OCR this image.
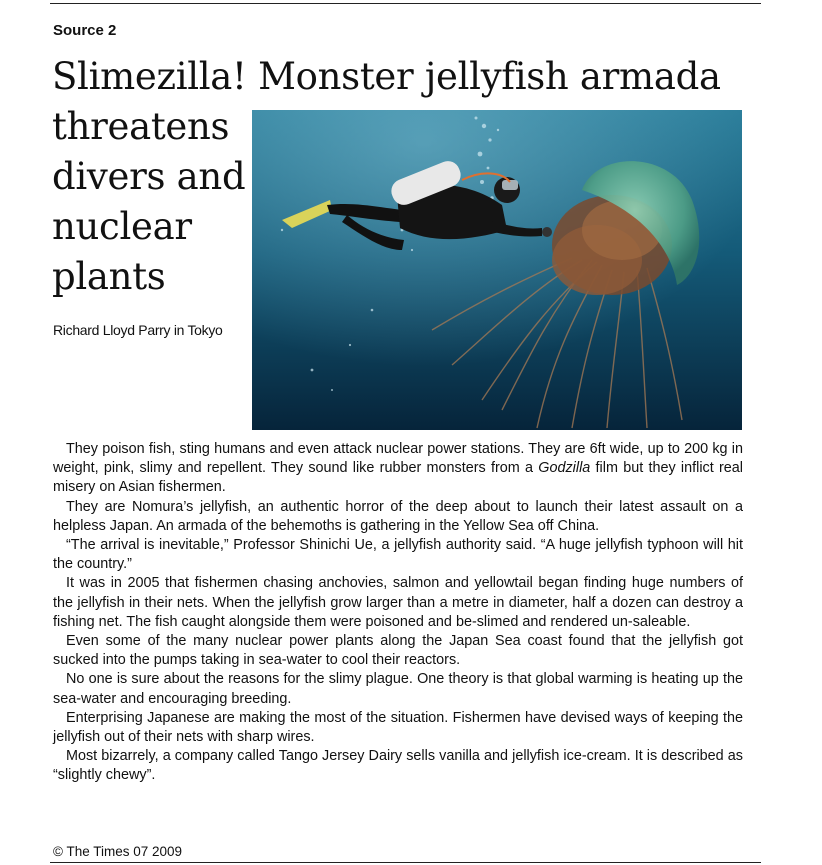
Source 2
Slimezilla! Monster jellyfish armada
threatens
divers and
nuclear
plants
Richard Lloyd Parry in Tokyo

They poison fish, sting humans and even attack nuclear power stations. They are 6ft wide, up to 200 kg in weight, pink, slimy and repellent. They sound like rubber monsters from a Godzilla film but they inflict real misery on Asian fishermen.

They are Nomura’s jellyfish, an authentic horror of the deep about to launch their latest assault on a helpless Japan. An armada of the behemoths is gathering in the Yellow Sea off China.

“The arrival is inevitable,” Professor Shinichi Ue, a jellyfish authority said. “A huge jellyfish typhoon will hit the country.”

It was in 2005 that fishermen chasing anchovies, salmon and yellowtail began finding huge numbers of the jellyfish in their nets. When the jellyfish grow larger than a metre in diameter, half a dozen can destroy a fishing net. The fish caught alongside them were poisoned and be-slimed and rendered un-saleable.

Even some of the many nuclear power plants along the Japan Sea coast found that the jellyfish got sucked into the pumps taking in sea-water to cool their reactors.

No one is sure about the reasons for the slimy plague. One theory is that global warming is heating up the sea-water and encouraging breeding.

Enterprising Japanese are making the most of the situation. Fishermen have devised ways of keeping the jellyfish out of their nets with sharp wires.

Most bizarrely, a company called Tango Jersey Dairy sells vanilla and jellyfish ice-cream. It is described as “slightly chewy”.

© The Times 07 2009
